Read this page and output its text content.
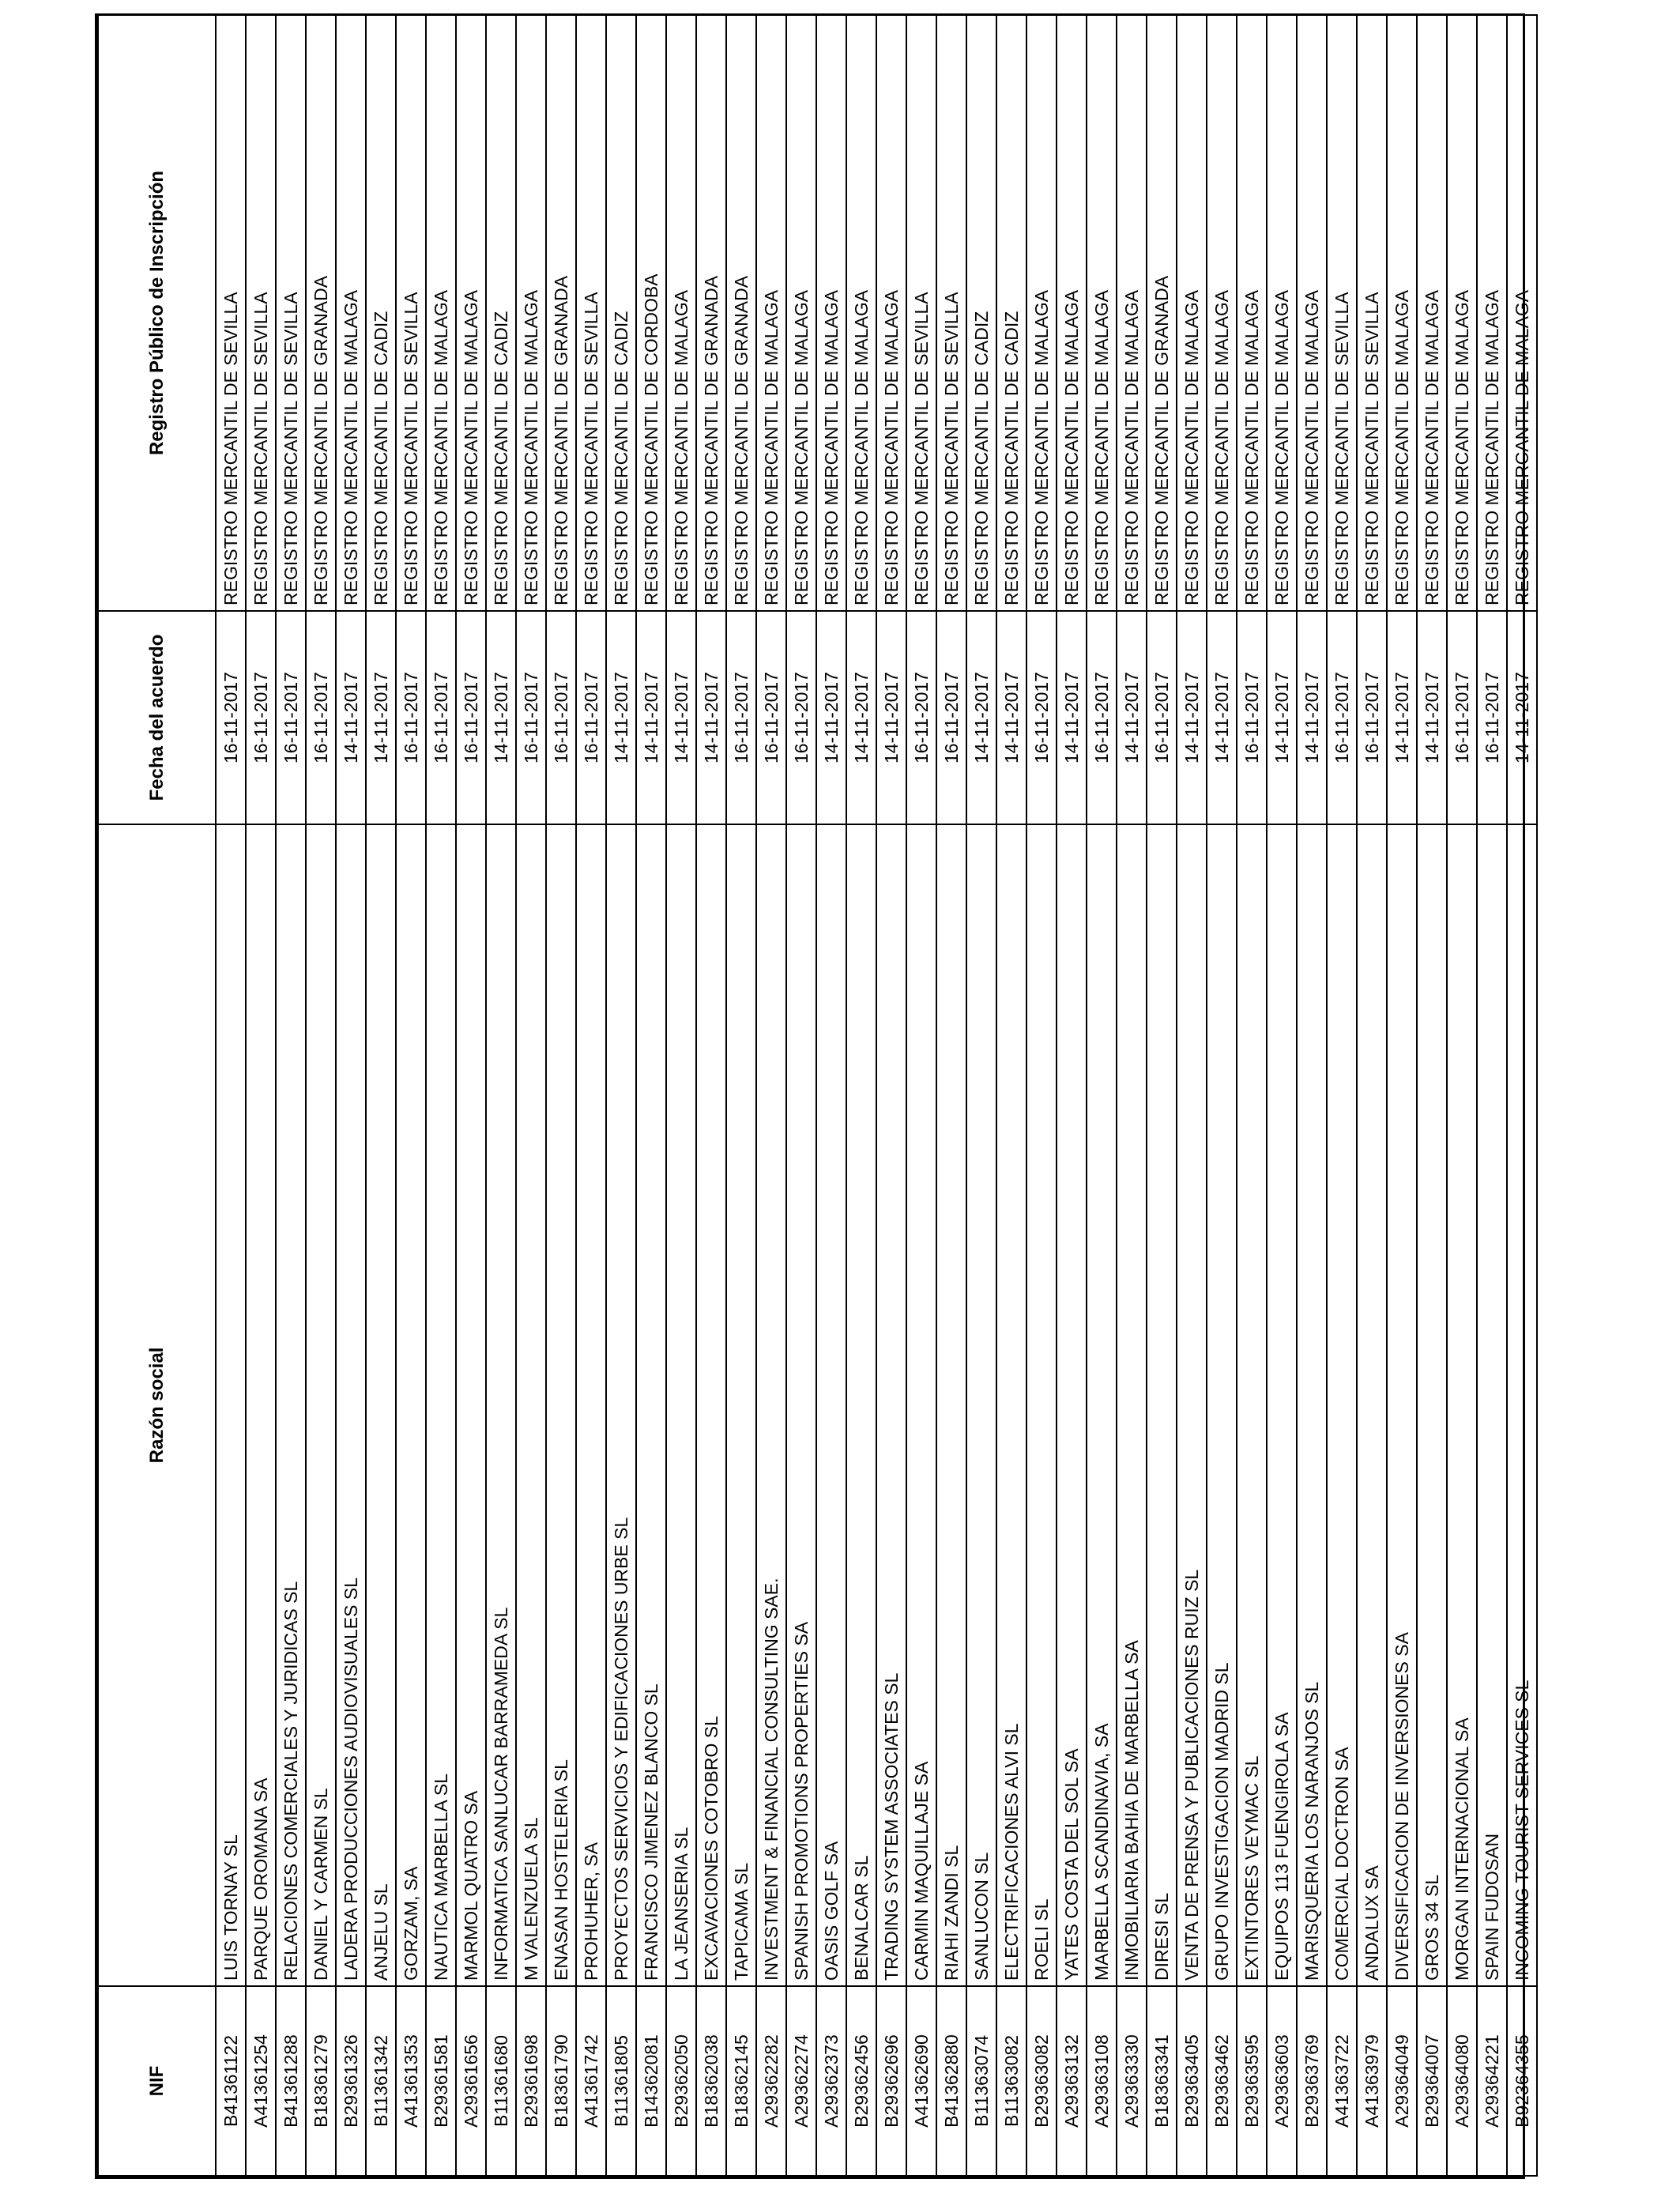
NIF	Razón social	Fecha del acuerdo	Registro Público de Inscripción
B41361122	LUIS TORNAY SL	16-11-2017	REGISTRO MERCANTIL DE SEVILLA
A41361254	PARQUE OROMANA SA	16-11-2017	REGISTRO MERCANTIL DE SEVILLA
B41361288	RELACIONES COMERCIALES Y JURIDICAS SL	16-11-2017	REGISTRO MERCANTIL DE SEVILLA
B18361279	DANIEL Y CARMEN SL	16-11-2017	REGISTRO MERCANTIL DE GRANADA
B29361326	LADERA PRODUCCIONES AUDIOVISUALES SL	14-11-2017	REGISTRO MERCANTIL DE MALAGA
B11361342	ANJELU SL	14-11-2017	REGISTRO MERCANTIL DE CADIZ
A41361353	GORZAM, SA	16-11-2017	REGISTRO MERCANTIL DE SEVILLA
B29361581	NAUTICA MARBELLA SL	16-11-2017	REGISTRO MERCANTIL DE MALAGA
A29361656	MARMOL QUATRO SA	16-11-2017	REGISTRO MERCANTIL DE MALAGA
B11361680	INFORMATICA SANLUCAR BARRAMEDA SL	14-11-2017	REGISTRO MERCANTIL DE CADIZ
B29361698	M VALENZUELA SL	16-11-2017	REGISTRO MERCANTIL DE MALAGA
B18361790	ENASAN HOSTELERIA SL	16-11-2017	REGISTRO MERCANTIL DE GRANADA
A41361742	PROHUHER, SA	16-11-2017	REGISTRO MERCANTIL DE SEVILLA
B11361805	PROYECTOS SERVICIOS Y EDIFICACIONES URBE SL	14-11-2017	REGISTRO MERCANTIL DE CADIZ
B14362081	FRANCISCO JIMENEZ BLANCO SL	14-11-2017	REGISTRO MERCANTIL DE CORDOBA
B29362050	LA JEANSERIA SL	14-11-2017	REGISTRO MERCANTIL DE MALAGA
B18362038	EXCAVACIONES COTOBRO SL	14-11-2017	REGISTRO MERCANTIL DE GRANADA
B18362145	TAPICAMA SL	16-11-2017	REGISTRO MERCANTIL DE GRANADA
A29362282	INVESTMENT & FINANCIAL CONSULTING SAE.	16-11-2017	REGISTRO MERCANTIL DE MALAGA
A29362274	SPANISH PROMOTIONS PROPERTIES SA	16-11-2017	REGISTRO MERCANTIL DE MALAGA
A29362373	OASIS GOLF SA	14-11-2017	REGISTRO MERCANTIL DE MALAGA
B29362456	BENALCAR SL	14-11-2017	REGISTRO MERCANTIL DE MALAGA
B29362696	TRADING SYSTEM ASSOCIATES SL	14-11-2017	REGISTRO MERCANTIL DE MALAGA
A41362690	CARMIN MAQUILLAJE SA	16-11-2017	REGISTRO MERCANTIL DE SEVILLA
B41362880	RIAHI ZANDI SL	16-11-2017	REGISTRO MERCANTIL DE SEVILLA
B11363074	SANLUCON SL	14-11-2017	REGISTRO MERCANTIL DE CADIZ
B11363082	ELECTRIFICACIONES ALVI SL	14-11-2017	REGISTRO MERCANTIL DE CADIZ
B29363082	ROELI SL	16-11-2017	REGISTRO MERCANTIL DE MALAGA
A29363132	YATES COSTA DEL SOL SA	14-11-2017	REGISTRO MERCANTIL DE MALAGA
A29363108	MARBELLA SCANDINAVIA, SA	16-11-2017	REGISTRO MERCANTIL DE MALAGA
A29363330	INMOBILIARIA BAHIA DE MARBELLA SA	14-11-2017	REGISTRO MERCANTIL DE MALAGA
B18363341	DIRESI SL	16-11-2017	REGISTRO MERCANTIL DE GRANADA
B29363405	VENTA DE PRENSA Y PUBLICACIONES RUIZ SL	14-11-2017	REGISTRO MERCANTIL DE MALAGA
B29363462	GRUPO INVESTIGACION MADRID SL	14-11-2017	REGISTRO MERCANTIL DE MALAGA
B29363595	EXTINTORES VEYMAC SL	16-11-2017	REGISTRO MERCANTIL DE MALAGA
A29363603	EQUIPOS 113 FUENGIROLA SA	14-11-2017	REGISTRO MERCANTIL DE MALAGA
B29363769	MARISQUERIA LOS NARANJOS SL	14-11-2017	REGISTRO MERCANTIL DE MALAGA
A41363722	COMERCIAL DOCTRON SA	16-11-2017	REGISTRO MERCANTIL DE SEVILLA
A41363979	ANDALUX SA	16-11-2017	REGISTRO MERCANTIL DE SEVILLA
A29364049	DIVERSIFICACION DE INVERSIONES SA	14-11-2017	REGISTRO MERCANTIL DE MALAGA
B29364007	GROS 34 SL	14-11-2017	REGISTRO MERCANTIL DE MALAGA
A29364080	MORGAN INTERNACIONAL SA	16-11-2017	REGISTRO MERCANTIL DE MALAGA
A29364221	SPAIN FUDOSAN	16-11-2017	REGISTRO MERCANTIL DE MALAGA
B92364355	INCOMING TOURIST SERVICES SL	14-11-2017	REGISTRO MERCANTIL DE MALAGA
